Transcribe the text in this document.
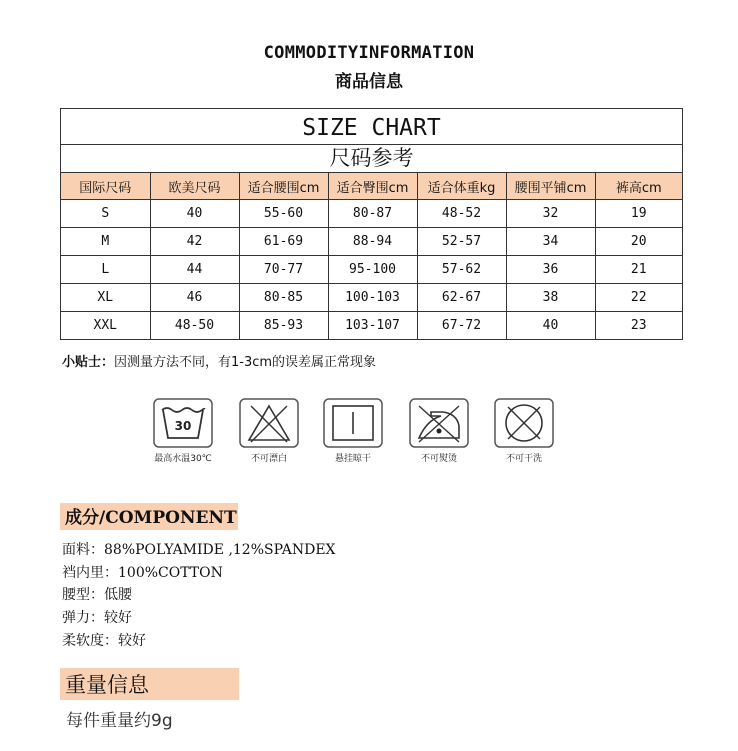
COMMODITYINFORMATION
商品信息
SIZE CHART
尺码参考
国际尺码	欧美尺码	适合腰围cm	适合臀围cm	适合体重kg	腰围平铺cm	裤高cm
S	40	55-60	80-87	48-52	32	19
M	42	61-69	88-94	52-57	34	20
L	44	70-77	95-100	57-62	36	21
XL	46	80-85	100-103	62-67	38	22
XXL	48-50	85-93	103-107	67-72	40	23
小贴士：因测量方法不同，有1-3cm的误差属正常现象
30
最高水温30℃	不可漂白	悬挂晾干	不可熨烫	不可干洗
成分/COMPONENT
面料：88%POLYAMIDE ,12%SPANDEX
裆内里：100%COTTON
腰型：低腰
弹力：较好
柔软度：较好
重量信息
每件重量约9g
